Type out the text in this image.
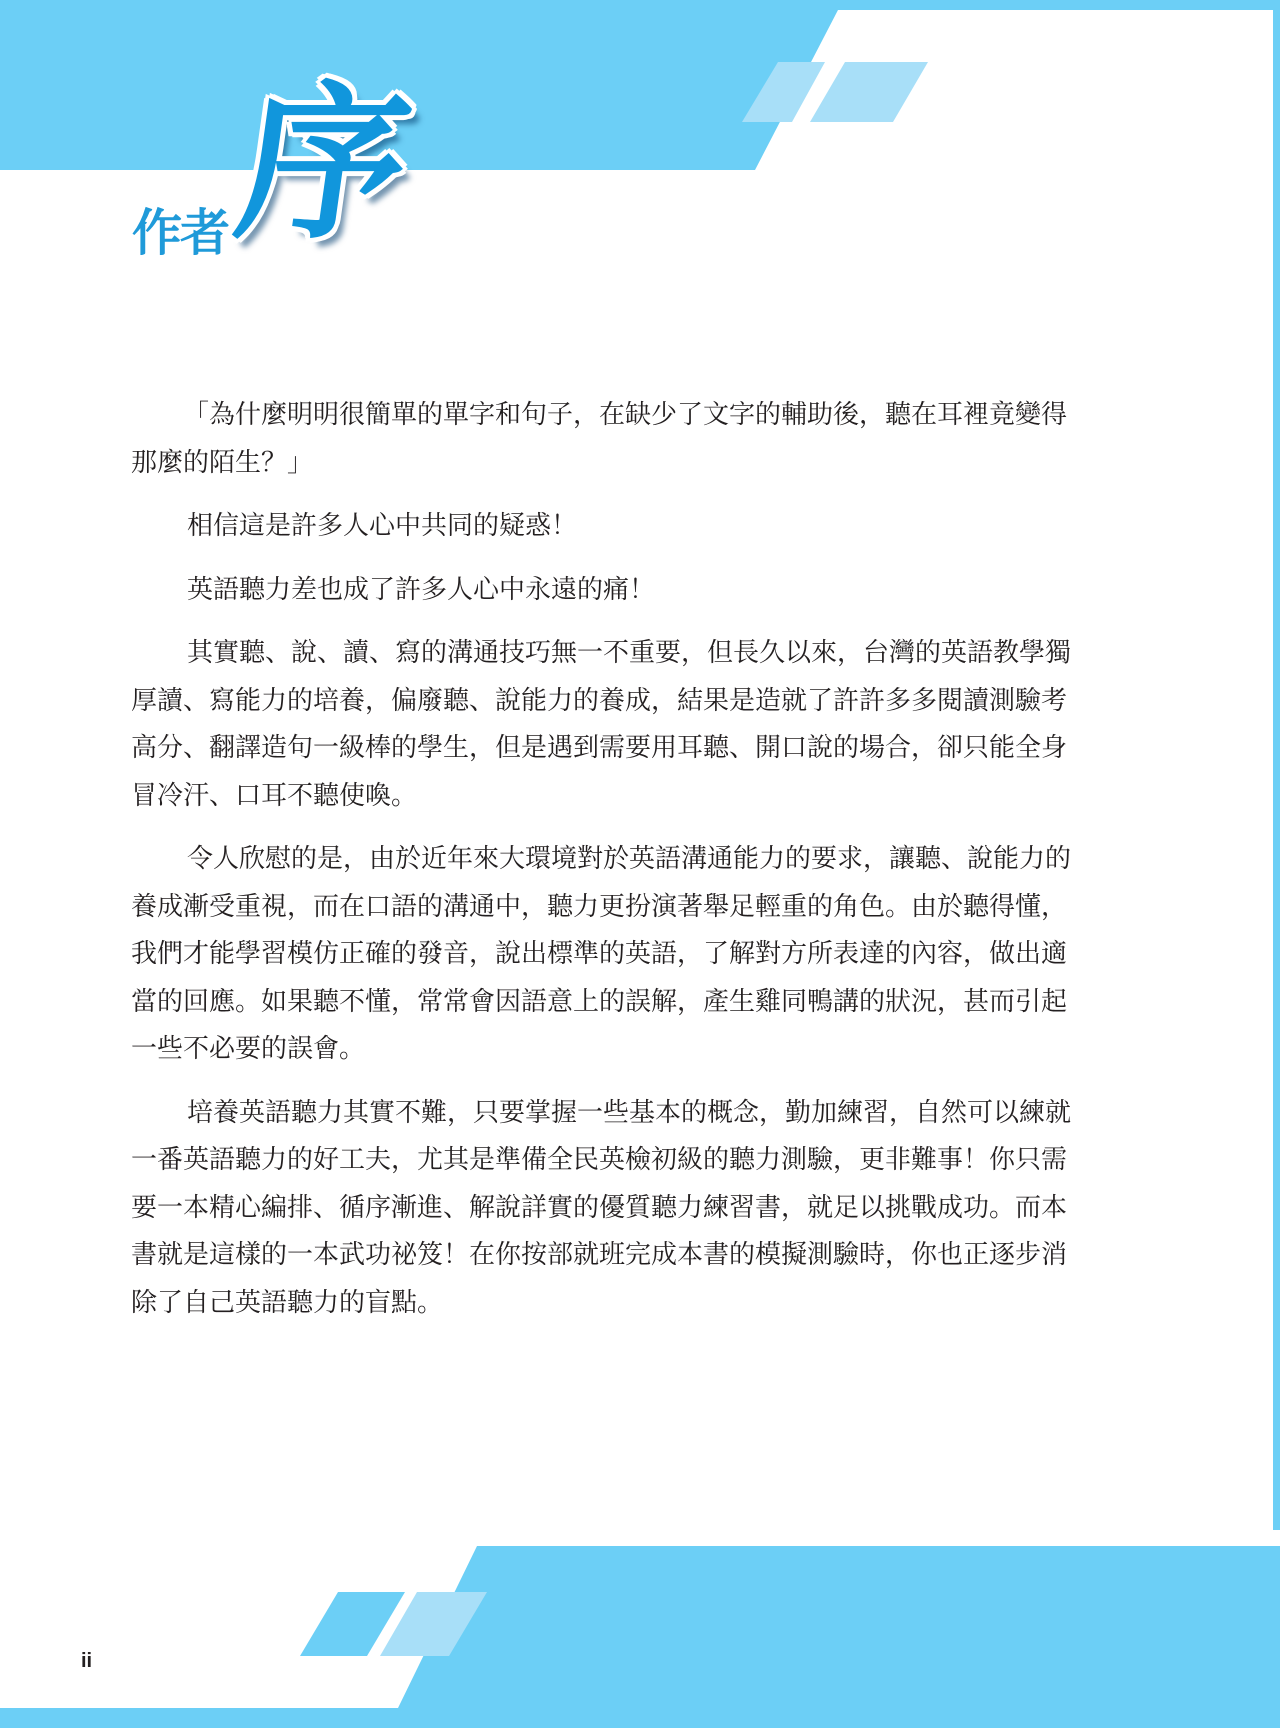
作者
序

「為什麼明明很簡單的單字和句子，在缺少了文字的輔助後，聽在耳裡竟變得那麼的陌生？」

相信這是許多人心中共同的疑惑！

英語聽力差也成了許多人心中永遠的痛！

其實聽、說、讀、寫的溝通技巧無一不重要，但長久以來，台灣的英語教學獨厚讀、寫能力的培養，偏廢聽、說能力的養成，結果是造就了許許多多閱讀測驗考高分、翻譯造句一級棒的學生，但是遇到需要用耳聽、開口說的場合，卻只能全身冒冷汗、口耳不聽使喚。

令人欣慰的是，由於近年來大環境對於英語溝通能力的要求，讓聽、說能力的養成漸受重視，而在口語的溝通中，聽力更扮演著舉足輕重的角色。由於聽得懂，我們才能學習模仿正確的發音，說出標準的英語，了解對方所表達的內容，做出適當的回應。如果聽不懂，常常會因語意上的誤解，產生雞同鴨講的狀況，甚而引起一些不必要的誤會。

培養英語聽力其實不難，只要掌握一些基本的概念，勤加練習，自然可以練就一番英語聽力的好工夫，尤其是準備全民英檢初級的聽力測驗，更非難事！你只需要一本精心編排、循序漸進、解說詳實的優質聽力練習書，就足以挑戰成功。而本書就是這樣的一本武功祕笈！在你按部就班完成本書的模擬測驗時，你也正逐步消除了自己英語聽力的盲點。

ii
